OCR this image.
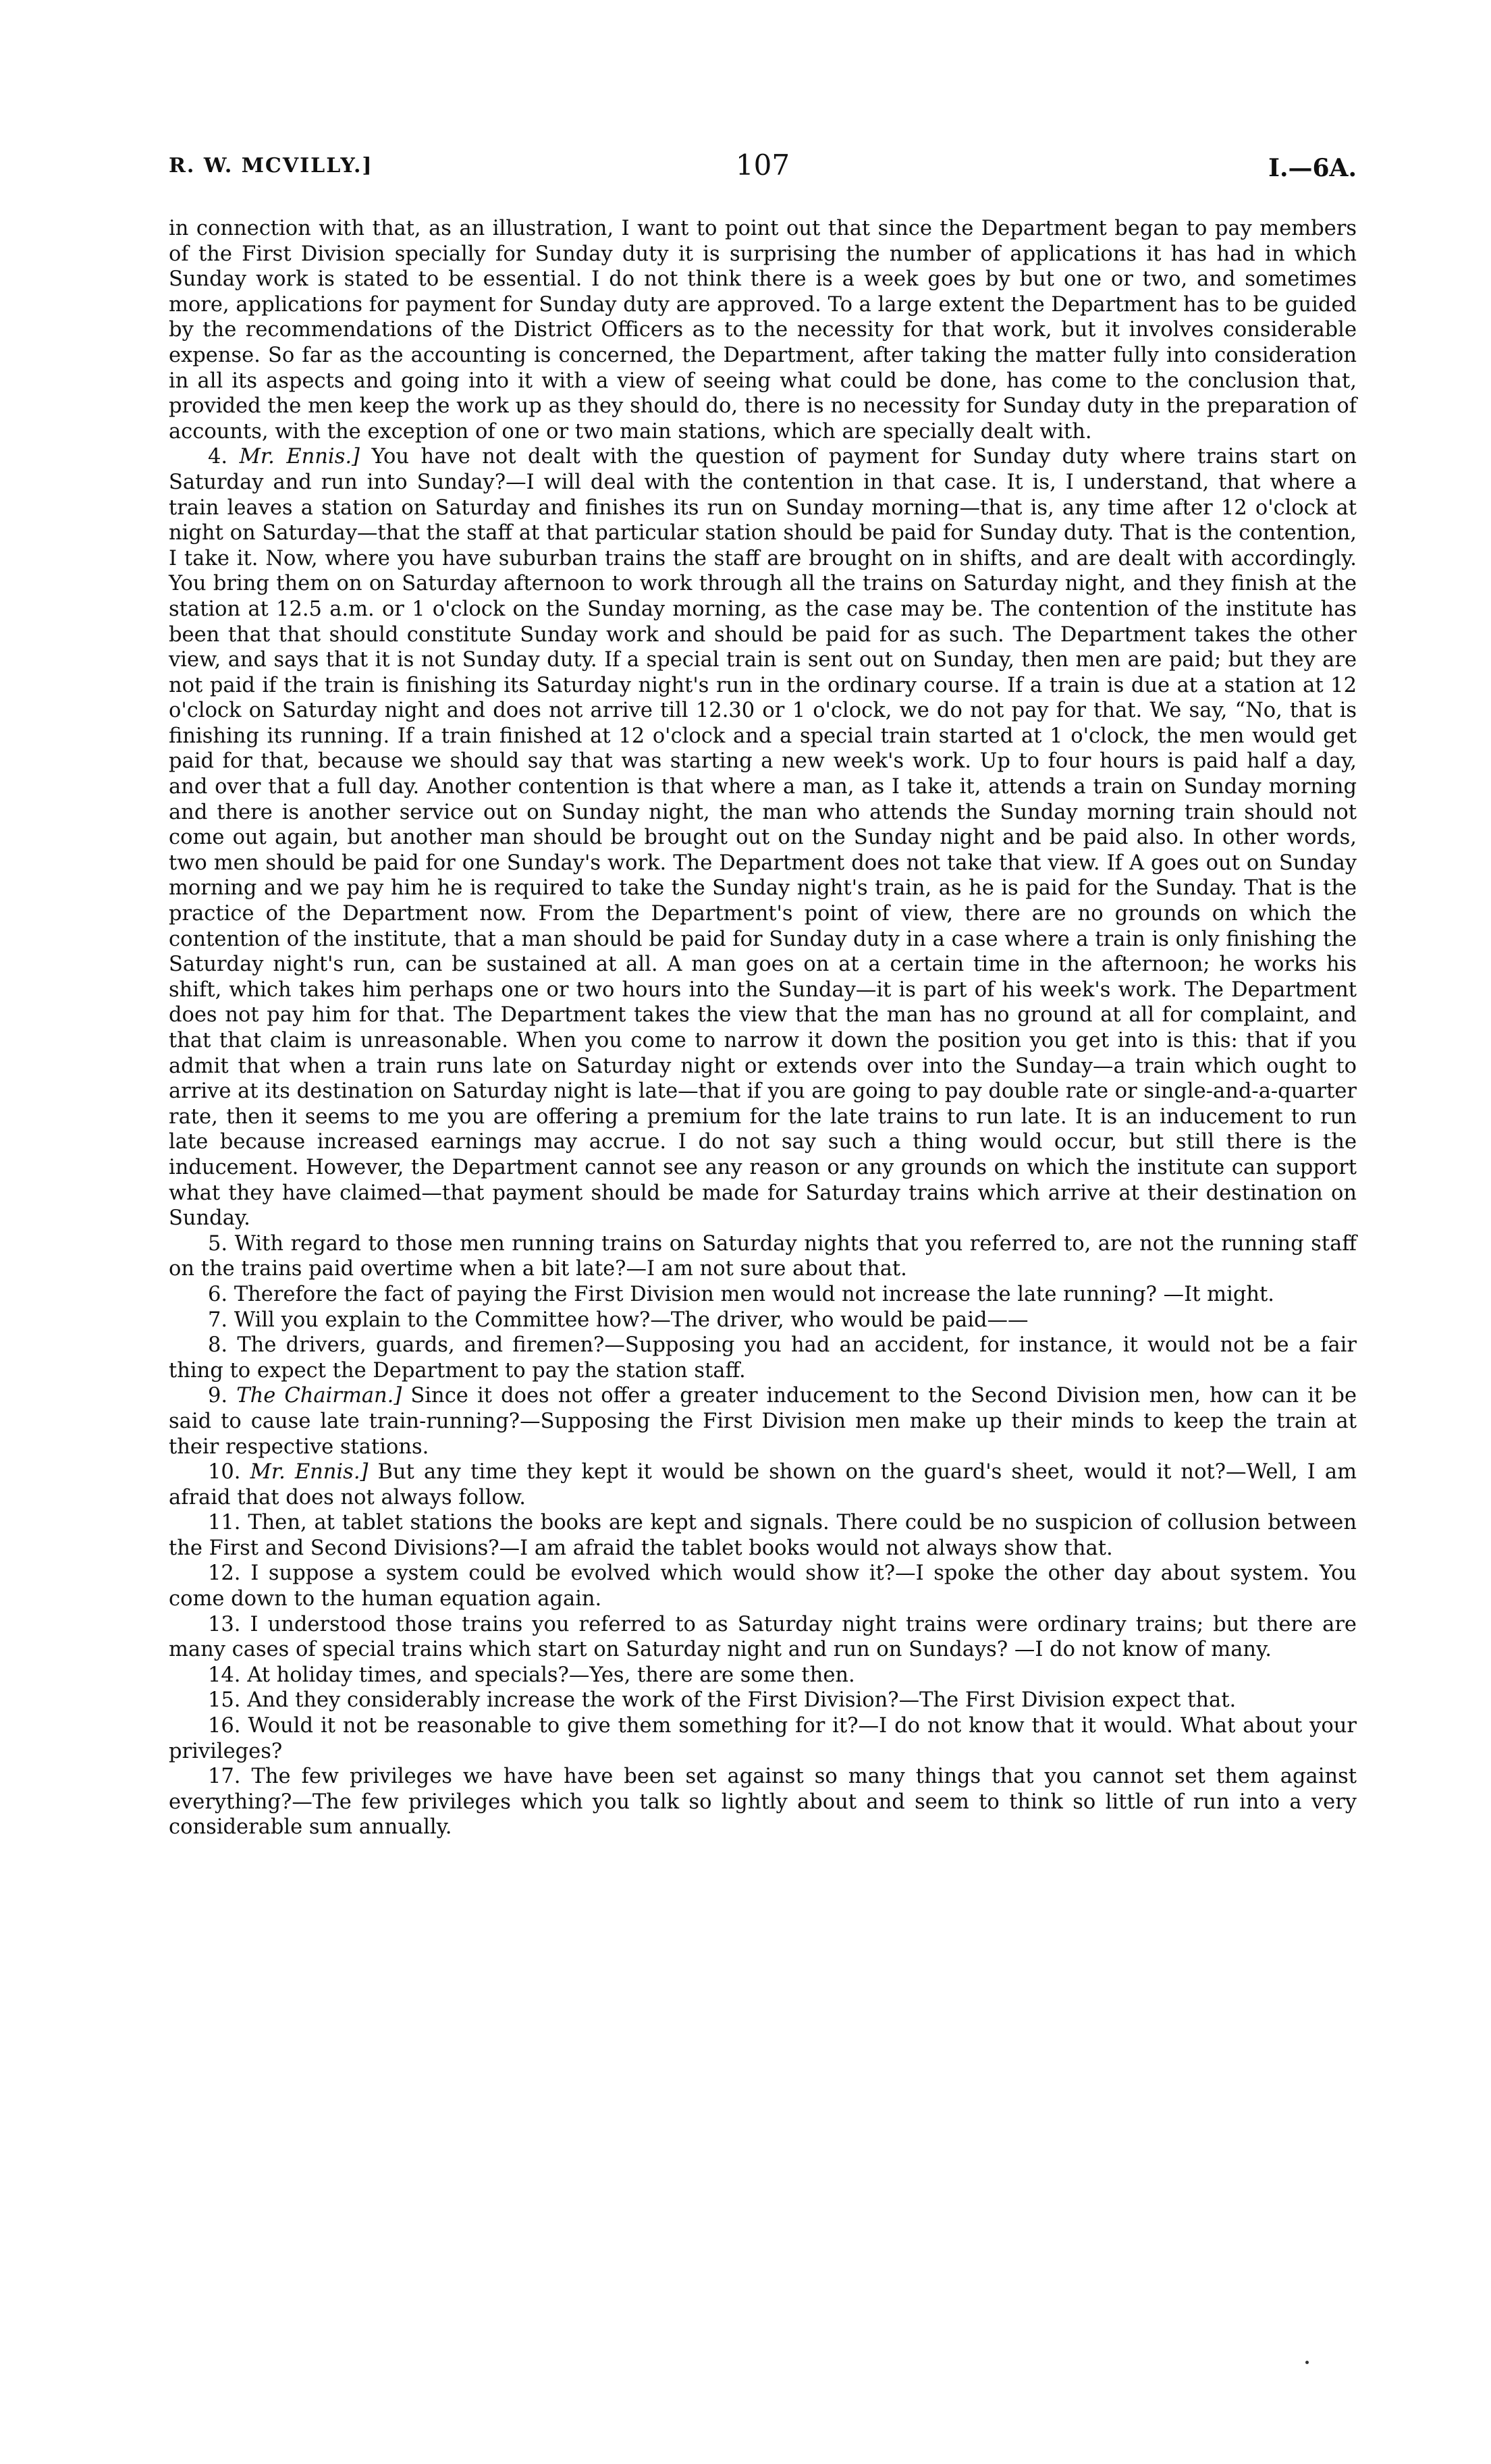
R. W. MCVILLY.]	107	I.—6A.

in connection with that, as an illustration, I want to point out that since the Department began to pay members of the First Division specially for Sunday duty it is surprising the number of applications it has had in which Sunday work is stated to be essential. I do not think there is a week goes by but one or two, and sometimes more, applications for payment for Sunday duty are approved. To a large extent the Department has to be guided by the recommendations of the District Officers as to the necessity for that work, but it involves considerable expense. So far as the accounting is concerned, the Department, after taking the matter fully into consideration in all its aspects and going into it with a view of seeing what could be done, has come to the conclusion that, provided the men keep the work up as they should do, there is no necessity for Sunday duty in the preparation of accounts, with the exception of one or two main stations, which are specially dealt with.

4. Mr. Ennis.] You have not dealt with the question of payment for Sunday duty where trains start on Saturday and run into Sunday?—I will deal with the contention in that case. It is, I understand, that where a train leaves a station on Saturday and finishes its run on Sunday morning—that is, any time after 12 o'clock at night on Saturday—that the staff at that particular station should be paid for Sunday duty. That is the contention, I take it. Now, where you have suburban trains the staff are brought on in shifts, and are dealt with accordingly. You bring them on on Saturday afternoon to work through all the trains on Saturday night, and they finish at the station at 12.5 a.m. or 1 o'clock on the Sunday morning, as the case may be. The contention of the institute has been that that should constitute Sunday work and should be paid for as such. The Department takes the other view, and says that it is not Sunday duty. If a special train is sent out on Sunday, then men are paid; but they are not paid if the train is finishing its Saturday night's run in the ordinary course. If a train is due at a station at 12 o'clock on Saturday night and does not arrive till 12.30 or 1 o'clock, we do not pay for that. We say, “No, that is finishing its running. If a train finished at 12 o'clock and a special train started at 1 o'clock, the men would get paid for that, because we should say that was starting a new week's work. Up to four hours is paid half a day, and over that a full day. Another contention is that where a man, as I take it, attends a train on Sunday morning and there is another service out on Sunday night, the man who attends the Sunday morning train should not come out again, but another man should be brought out on the Sunday night and be paid also. In other words, two men should be paid for one Sunday's work. The Department does not take that view. If A goes out on Sunday morning and we pay him he is required to take the Sunday night's train, as he is paid for the Sunday. That is the practice of the Department now. From the Department's point of view, there are no grounds on which the contention of the institute, that a man should be paid for Sunday duty in a case where a train is only finishing the Saturday night's run, can be sustained at all. A man goes on at a certain time in the afternoon; he works his shift, which takes him perhaps one or two hours into the Sunday—it is part of his week's work. The Department does not pay him for that. The Department takes the view that the man has no ground at all for complaint, and that that claim is unreasonable. When you come to narrow it down the position you get into is this: that if you admit that when a train runs late on Saturday night or extends over into the Sunday—a train which ought to arrive at its destination on Saturday night is late—that if you are going to pay double rate or single-and-a-quarter rate, then it seems to me you are offering a premium for the late trains to run late. It is an inducement to run late because increased earnings may accrue. I do not say such a thing would occur, but still there is the inducement. However, the Department cannot see any reason or any grounds on which the institute can support what they have claimed—that payment should be made for Saturday trains which arrive at their destination on Sunday.

5. With regard to those men running trains on Saturday nights that you referred to, are not the running staff on the trains paid overtime when a bit late?—I am not sure about that.

6. Therefore the fact of paying the First Division men would not increase the late running? —It might.

7. Will you explain to the Committee how?—The driver, who would be paid——

8. The drivers, guards, and firemen?—Supposing you had an accident, for instance, it would not be a fair thing to expect the Department to pay the station staff.

9. The Chairman.] Since it does not offer a greater inducement to the Second Division men, how can it be said to cause late train-running?—Supposing the First Division men make up their minds to keep the train at their respective stations.

10. Mr. Ennis.] But any time they kept it would be shown on the guard's sheet, would it not?—Well, I am afraid that does not always follow.

11. Then, at tablet stations the books are kept and signals. There could be no suspicion of collusion between the First and Second Divisions?—I am afraid the tablet books would not always show that.

12. I suppose a system could be evolved which would show it?—I spoke the other day about system. You come down to the human equation again.

13. I understood those trains you referred to as Saturday night trains were ordinary trains; but there are many cases of special trains which start on Saturday night and run on Sundays? —I do not know of many.

14. At holiday times, and specials?—Yes, there are some then.

15. And they considerably increase the work of the First Division?—The First Division expect that.

16. Would it not be reasonable to give them something for it?—I do not know that it would. What about your privileges?

17. The few privileges we have have been set against so many things that you cannot set them against everything?—The few privileges which you talk so lightly about and seem to think so little of run into a very considerable sum annually.
